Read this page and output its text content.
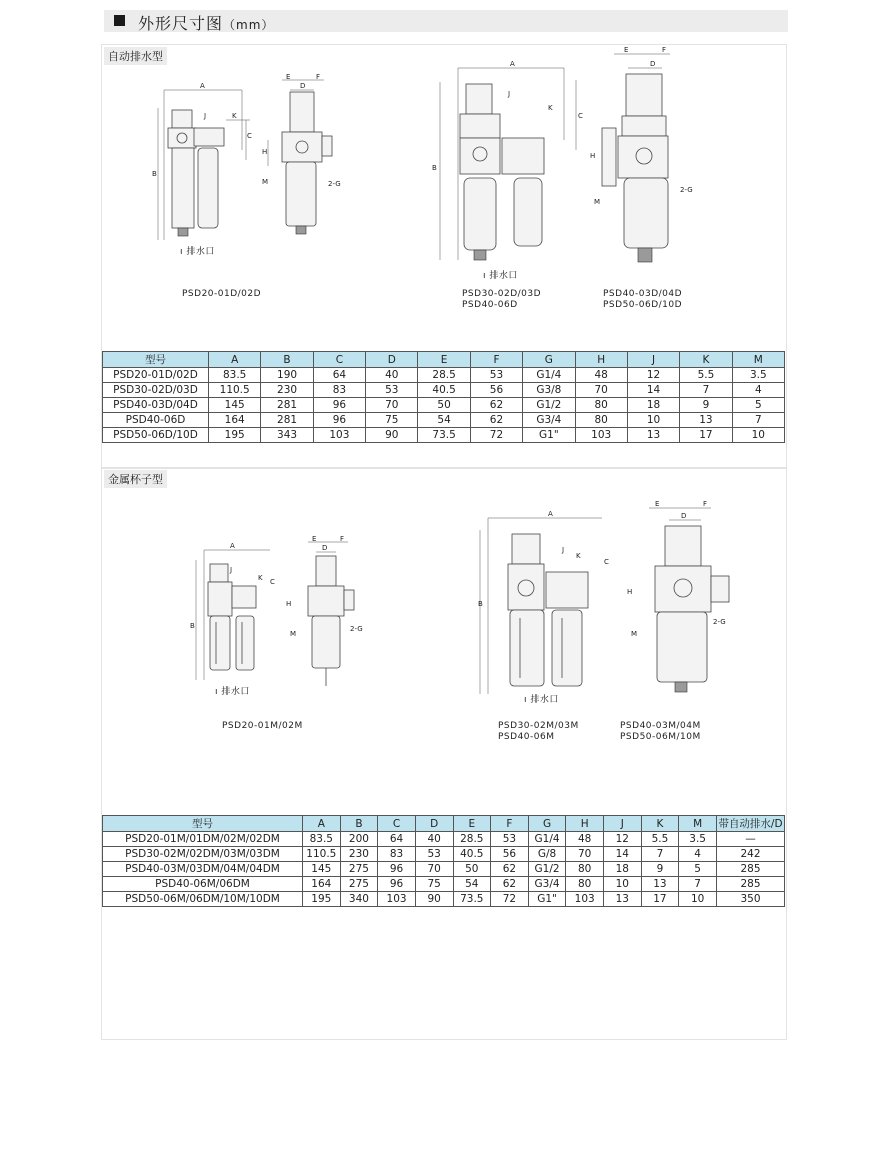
外形尺寸图（mm）
自动排水型
A
B
K
C
J
ı 排水口
E	F
D
H
M	2-G
A
B
J
K
C
ı 排水口
E	F
D
H
M
2-G
PSD20-01D/02D	PSD30-02D/03D
PSD40-06D
PSD40-03D/04D
PSD50-06D/10D
型号	A	B	C	D	E	F	G	H	J	K	M
PSD20-01D/02D	83.5	190	64	40	28.5	53	G1/4	48	12	5.5	3.5
PSD30-02D/03D	110.5	230	83	53	40.5	56	G3/8	70	14	7	4
PSD40-03D/04D	145	281	96	70	50	62	G1/2	80	18	9	5
PSD40-06D	164	281	96	75	54	62	G3/4	80	10	13	7
PSD50-06D/10D	195	343	103	90	73.5	72	G1"	103	13	17	10
金属杯子型
A
B
J
K C
ı 排水口
E	F
D
H
M
2-G
A
B
J
K
C
ı 排水口
E	F
D
H
M
2-G
PSD20-01M/02M	PSD30-02M/03M
PSD40-06M
PSD40-03M/04M
PSD50-06M/10M
型号	A	B	C	D	E	F	G	H	J	K	M	带自动排水/D
PSD20-01M/01DM/02M/02DM	83.5	200	64	40	28.5	53	G1/4	48	12	5.5	3.5	—
PSD30-02M/02DM/03M/03DM	110.5	230	83	53	40.5	56	G/8	70	14	7	4	242
PSD40-03M/03DM/04M/04DM	145	275	96	70	50	62	G1/2	80	18	9	5	285
PSD40-06M/06DM	164	275	96	75	54	62	G3/4	80	10	13	7	285
PSD50-06M/06DM/10M/10DM	195	340	103	90	73.5	72	G1"	103	13	17	10	350
